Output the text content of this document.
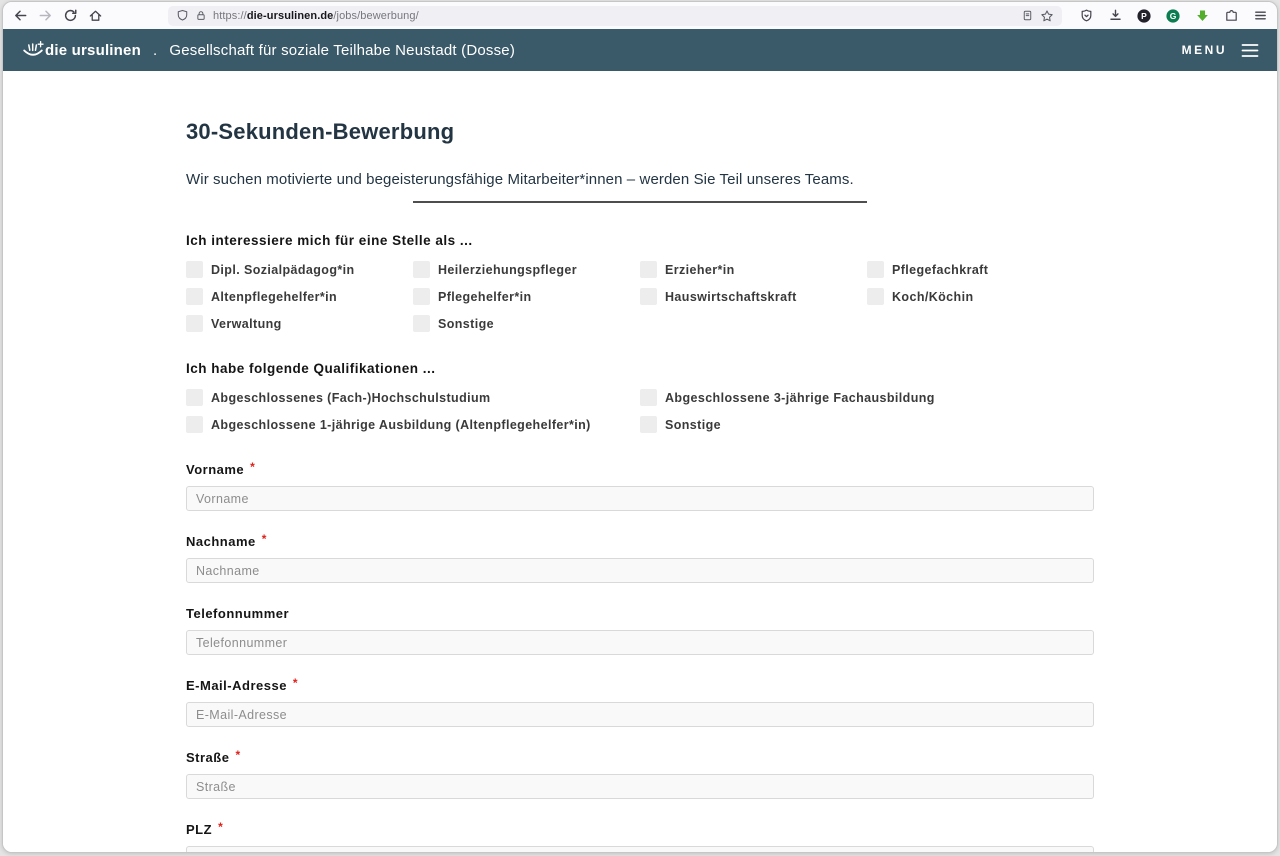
https://die-ursulinen.de/jobs/bewerbung/	P	G
die ursulinen . Gesellschaft für soziale Teilhabe Neustadt (Dosse)	MENU
30-Sekunden-Bewerbung

Wir suchen motivierte und begeisterungsfähige Mitarbeiter*innen – werden Sie Teil unseres Teams.

Ich interessiere mich für eine Stelle als ...
Dipl. Sozialpädagog*in	Heilerziehungspfleger	Erzieher*in	Pflegefachkraft
Altenpflegehelfer*in	Pflegehelfer*in	Hauswirtschaftskraft	Koch/Köchin
Verwaltung	Sonstige
Ich habe folgende Qualifikationen ...
Abgeschlossenes (Fach-)Hochschulstudium	Abgeschlossene 3-jährige Fachausbildung
Abgeschlossene 1-jährige Ausbildung (Altenpflegehelfer*in)	Sonstige
Vorname *
Vorname
Nachname *
Nachname
Telefonnummer
Telefonnummer
E-Mail-Adresse *
E-Mail-Adresse
Straße *
Straße
PLZ *
Postleitzahl
